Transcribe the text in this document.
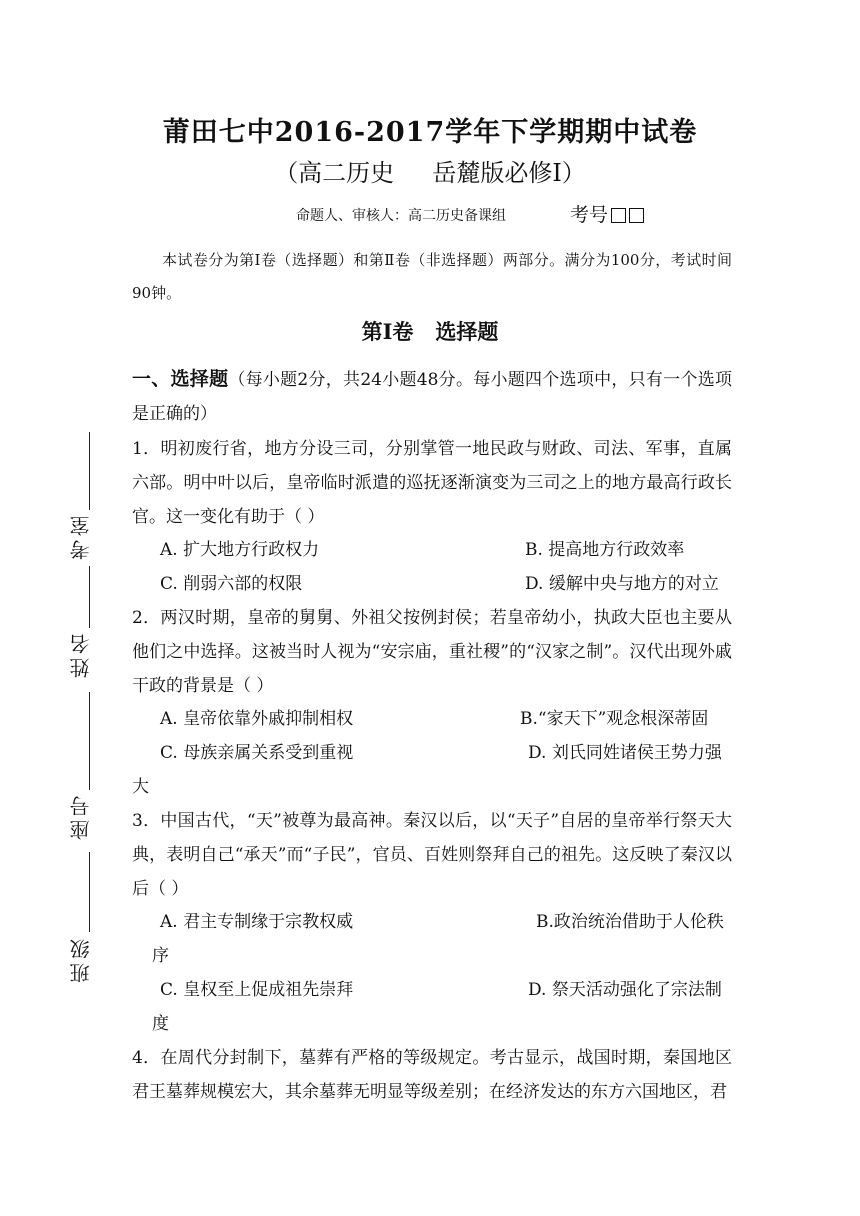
莆田七中2016-2017学年下学期期中试卷
（高二历史     岳麓版必修Ⅰ）
命题人、审核人：高二历史备课组	考号
本试卷分为第Ⅰ卷（选择题）和第Ⅱ卷（非选择题）两部分。满分为100分，考试时间90钟。
第Ⅰ卷   选择题
一、选择题（每小题2分，共24小题48分。每小题四个选项中，只有一个选项是正确的）
1．明初废行省，地方分设三司，分别掌管一地民政与财政、司法、军事，直属六部。明中叶以后，皇帝临时派遣的巡抚逐渐演变为三司之上的地方最高行政长官。这一变化有助于（ ）
A. 扩大地方行政权力	B. 提高地方行政效率
C. 削弱六部的权限	D. 缓解中央与地方的对立
2．两汉时期，皇帝的舅舅、外祖父按例封侯；若皇帝幼小，执政大臣也主要从他们之中选择。这被当时人视为“安宗庙，重社稷”的“汉家之制”。汉代出现外戚干政的背景是（ ）
A. 皇帝依靠外戚抑制相权	B.“家天下”观念根深蒂固
C. 母族亲属关系受到重视	D. 刘氏同姓诸侯王势力强
大
3．中国古代，“天”被尊为最高神。秦汉以后，以“天子”自居的皇帝举行祭天大典，表明自己“承天”而“子民”，官员、百姓则祭拜自己的祖先。这反映了秦汉以后（ ）
A. 君主专制缘于宗教权威	B.政治统治借助于人伦秩
序
C. 皇权至上促成祖先崇拜	D. 祭天活动强化了宗法制
度
4．在周代分封制下，墓葬有严格的等级规定。考古显示，战国时期，秦国地区君王墓葬规模宏大，其余墓葬无明显等级差别；在经济发达的东方六国地区，君
考室
姓名
座号
班级
